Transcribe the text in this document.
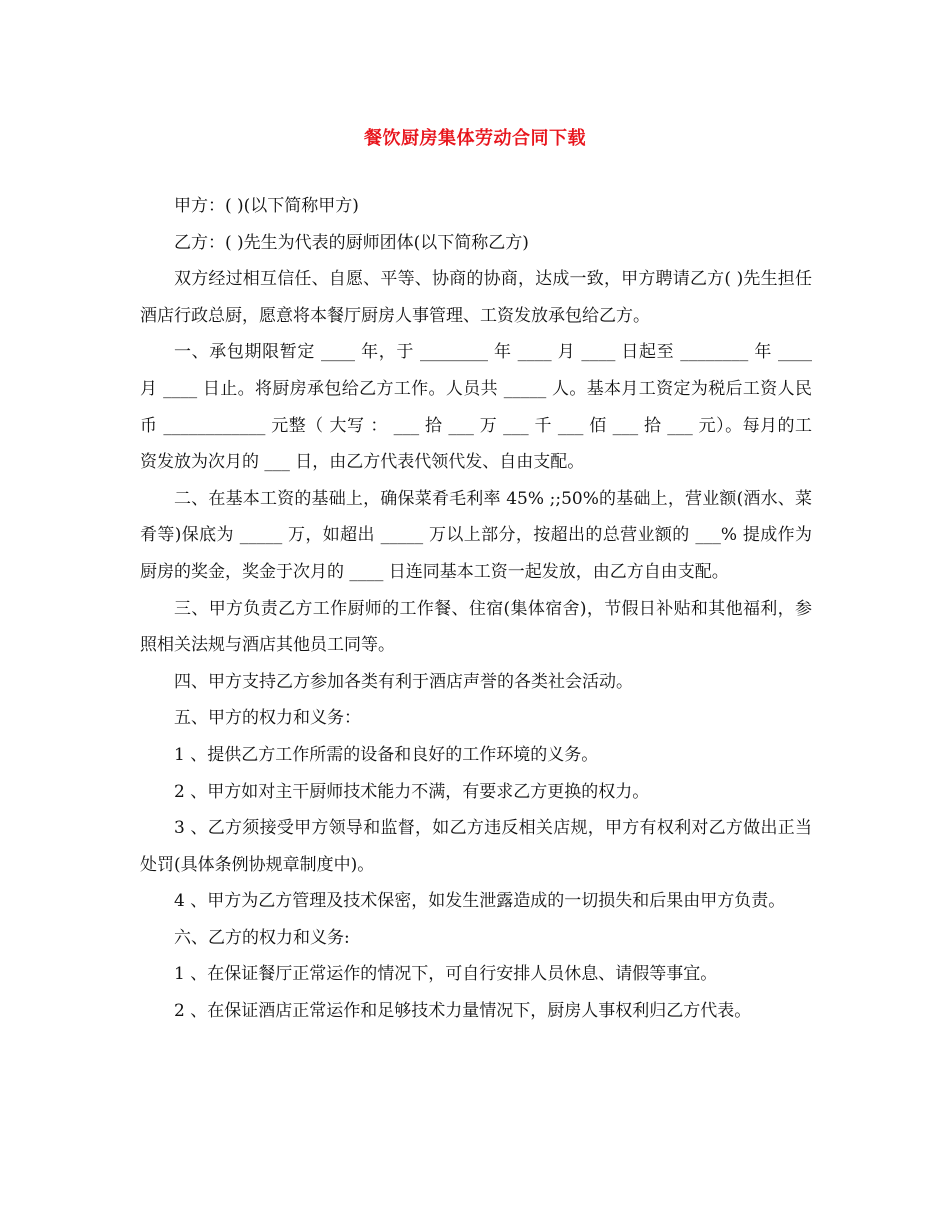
餐饮厨房集体劳动合同下载

甲方：( )(以下简称甲方)

乙方：( )先生为代表的厨师团体(以下简称乙方)

双方经过相互信任、自愿、平等、协商的协商，达成一致，甲方聘请乙方( )先生担任酒店行政总厨，愿意将本餐厅厨房人事管理、工资发放承包给乙方。

一、承包期限暂定 ____ 年，于 ________ 年 ____ 月 ____ 日起至 ________ 年 ____ 月 ____ 日止。将厨房承包给乙方工作。人员共 _____ 人。基本月工资定为税后工资人民币 ____________ 元整（ 大写 ： ___ 拾 ___ 万 ___ 千 ___ 佰 ___ 拾 ___ 元）。每月的工资发放为次月的 ___ 日，由乙方代表代领代发、自由支配。

二、在基本工资的基础上，确保菜肴毛利率 45% ;;50%的基础上，营业额(酒水、菜肴等)保底为 _____ 万，如超出 _____ 万以上部分，按超出的总营业额的 ___% 提成作为厨房的奖金，奖金于次月的 ____ 日连同基本工资一起发放，由乙方自由支配。

三、甲方负责乙方工作厨师的工作餐、住宿(集体宿舍)，节假日补贴和其他福利，参照相关法规与酒店其他员工同等。

四、甲方支持乙方参加各类有利于酒店声誉的各类社会活动。

五、甲方的权力和义务：

1 、提供乙方工作所需的设备和良好的工作环境的义务。

2 、甲方如对主干厨师技术能力不满，有要求乙方更换的权力。

3 、乙方须接受甲方领导和监督，如乙方违反相关店规，甲方有权利对乙方做出正当处罚(具体条例协规章制度中)。

4 、甲方为乙方管理及技术保密，如发生泄露造成的一切损失和后果由甲方负责。

六、乙方的权力和义务:

1 、在保证餐厅正常运作的情况下，可自行安排人员休息、请假等事宜。

2 、在保证酒店正常运作和足够技术力量情况下，厨房人事权利归乙方代表。
